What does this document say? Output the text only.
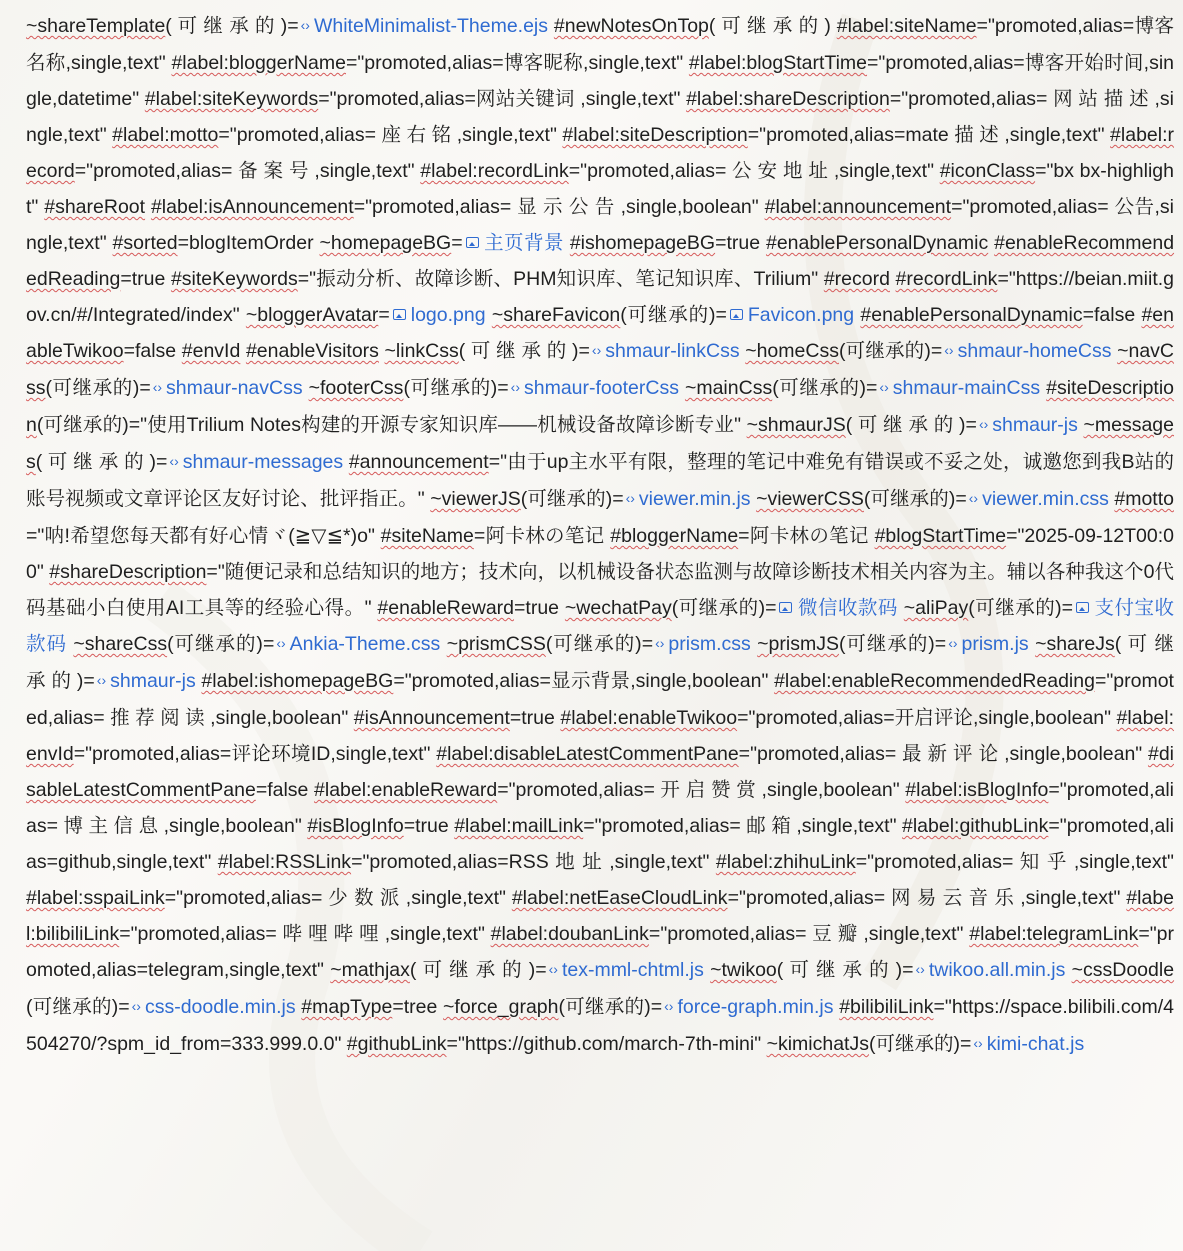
~shareTemplate( 可 继 承 的 )= ‹› WhiteMinimalist-Theme.ejs #newNotesOnTop( 可 继 承 的 ) #label:siteName="promoted,alias=博客名称,single,text" #label:bloggerName="promoted,alias=博客昵称,single,text" #label:blogStartTime="promoted,alias=博客开始时间,single,datetime" #label:siteKeywords="promoted,alias=网站关键词 ,single,text" #label:shareDescription="promoted,alias= 网 站 描 述 ,single,text" #label:motto="promoted,alias= 座 右 铭 ,single,text" #label:siteDescription="promoted,alias=mate 描 述 ,single,text" #label:record="promoted,alias= 备 案 号 ,single,text" #label:recordLink="promoted,alias= 公 安 地 址 ,single,text" #iconClass="bx bx-highlight" #shareRoot #label:isAnnouncement="promoted,alias= 显 示 公 告 ,single,boolean" #label:announcement="promoted,alias= 公告,single,text" #sorted=blogItemOrder ~homepageBG= 主页背景 #ishomepageBG=true #enablePersonalDynamic #enableRecommendedReading=true #siteKeywords="振动分析、故障诊断、PHM知识库、笔记知识库、Trilium" #record #recordLink="https://beian.miit.gov.cn/#/Integrated/index" ~bloggerAvatar= logo.png ~shareFavicon(可继承的)= Favicon.png #enablePersonalDynamic=false #enableTwikoo=false #envId #enableVisitors ~linkCss( 可 继 承 的 )= ‹› shmaur-linkCss ~homeCss(可继承的)= ‹› shmaur-homeCss ~navCss(可继承的)= ‹› shmaur-navCss ~footerCss(可继承的)= ‹› shmaur-footerCss ~mainCss(可继承的)= ‹› shmaur-mainCss #siteDescription(可继承的)="使用Trilium Notes构建的开源专家知识库——机械设备故障诊断专业" ~shmaurJS( 可 继 承 的 )= ‹› shmaur-js ~messages( 可 继 承 的 )= ‹› shmaur-messages #announcement="由于up主水平有限，整理的笔记中难免有错误或不妥之处，诚邀您到我B站的账号视频或文章评论区友好讨论、批评指正。" ~viewerJS(可继承的)= ‹› viewer.min.js ~viewerCSS(可继承的)= ‹› viewer.min.css #motto="呐!希望您每天都有好心情ヾ(≧▽≦*)o" #siteName=阿卡林の笔记 #bloggerName=阿卡林の笔记 #blogStartTime="2025-09-12T00:00" #shareDescription="随便记录和总结知识的地方；技术向，以机械设备状态监测与故障诊断技术相关内容为主。辅以各种我这个0代码基础小白使用AI工具等的经验心得。" #enableReward=true ~wechatPay(可继承的)= 微信收款码 ~aliPay(可继承的)= 支付宝收款码 ~shareCss(可继承的)= ‹› Ankia-Theme.css ~prismCSS(可继承的)= ‹› prism.css ~prismJS(可继承的)= ‹› prism.js ~shareJs( 可 继 承 的 )= ‹› shmaur-js #label:ishomepageBG="promoted,alias=显示背景,single,boolean" #label:enableRecommendedReading="promoted,alias= 推 荐 阅 读 ,single,boolean" #isAnnouncement=true #label:enableTwikoo="promoted,alias=开启评论,single,boolean" #label:envId="promoted,alias=评论环境ID,single,text" #label:disableLatestCommentPane="promoted,alias= 最 新 评 论 ,single,boolean" #disableLatestCommentPane=false #label:enableReward="promoted,alias= 开 启 赞 赏 ,single,boolean" #label:isBlogInfo="promoted,alias= 博 主 信 息 ,single,boolean" #isBlogInfo=true #label:mailLink="promoted,alias= 邮 箱 ,single,text" #label:githubLink="promoted,alias=github,single,text" #label:RSSLink="promoted,alias=RSS 地 址 ,single,text" #label:zhihuLink="promoted,alias= 知 乎 ,single,text" #label:sspaiLink="promoted,alias= 少 数 派 ,single,text" #label:netEaseCloudLink="promoted,alias= 网 易 云 音 乐 ,single,text" #label:bilibiliLink="promoted,alias= 哔 哩 哔 哩 ,single,text" #label:doubanLink="promoted,alias= 豆 瓣 ,single,text" #label:telegramLink="promoted,alias=telegram,single,text" ~mathjax( 可 继 承 的 )= ‹› tex-mml-chtml.js ~twikoo( 可 继 承 的 )= ‹› twikoo.all.min.js ~cssDoodle(可继承的)= ‹› css-doodle.min.js #mapType=tree ~force_graph(可继承的)= ‹› force-graph.min.js #bilibiliLink="https://space.bilibili.com/4504270/?spm_id_from=333.999.0.0" #githubLink="https://github.com/march-7th-mini" ~kimichatJs(可继承的)= ‹› kimi-chat.js
